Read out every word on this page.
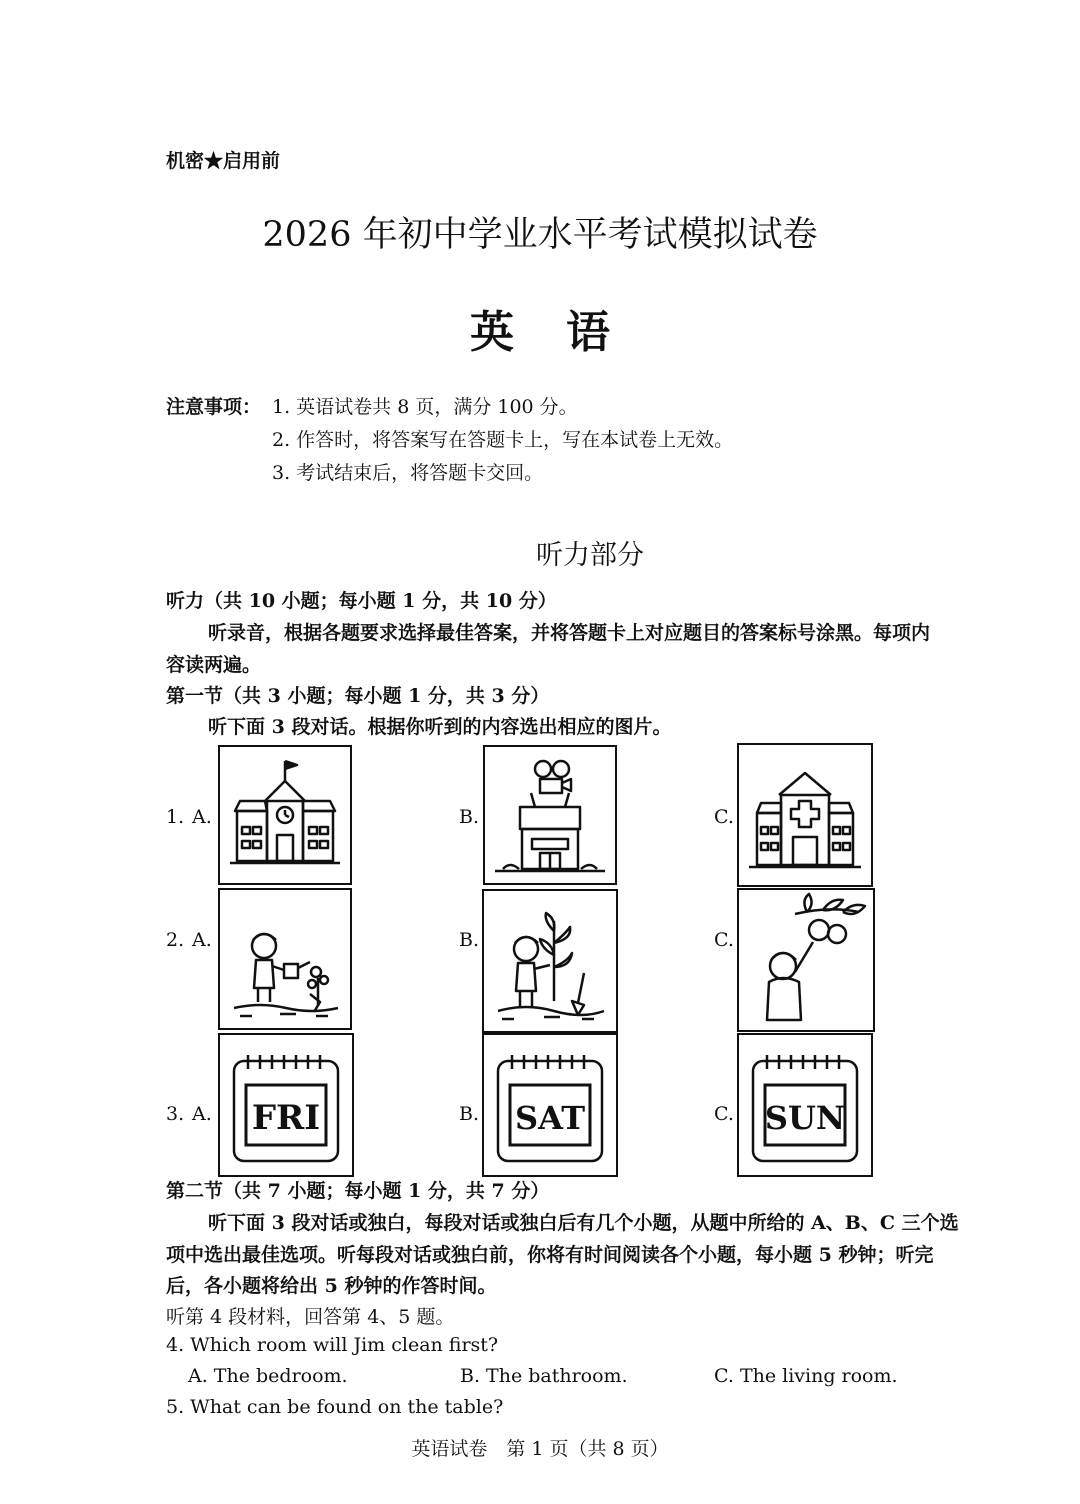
机密★启用前
2026 年初中学业水平考试模拟试卷
英语
注意事项： 1. 英语试卷共 8 页，满分 100 分。
2. 作答时，将答案写在答题卡上，写在本试卷上无效。
3. 考试结束后，将答题卡交回。
听力部分
听力（共 10 小题；每小题 1 分，共 10 分）
听录音，根据各题要求选择最佳答案，并将答题卡上对应题目的答案标号涂黑。每项内
容读两遍。
第一节（共 3 小题；每小题 1 分，共 3 分）
听下面 3 段对话。根据你听到的内容选出相应的图片。
1. A.	B.	C.
2. A.	B.	C.
3. A.	B.	C.
FRI	SAT	SUN
第二节（共 7 小题；每小题 1 分，共 7 分）
听下面 3 段对话或独白，每段对话或独白后有几个小题，从题中所给的 A、B、C 三个选
项中选出最佳选项。听每段对话或独白前，你将有时间阅读各个小题，每小题 5 秒钟；听完
后，各小题将给出 5 秒钟的作答时间。
听第 4 段材料，回答第 4、5 题。
4. Which room will Jim clean first?
A. The bedroom.	B. The bathroom.	C. The living room.
5. What can be found on the table?
英语试卷　第 1 页（共 8 页）
